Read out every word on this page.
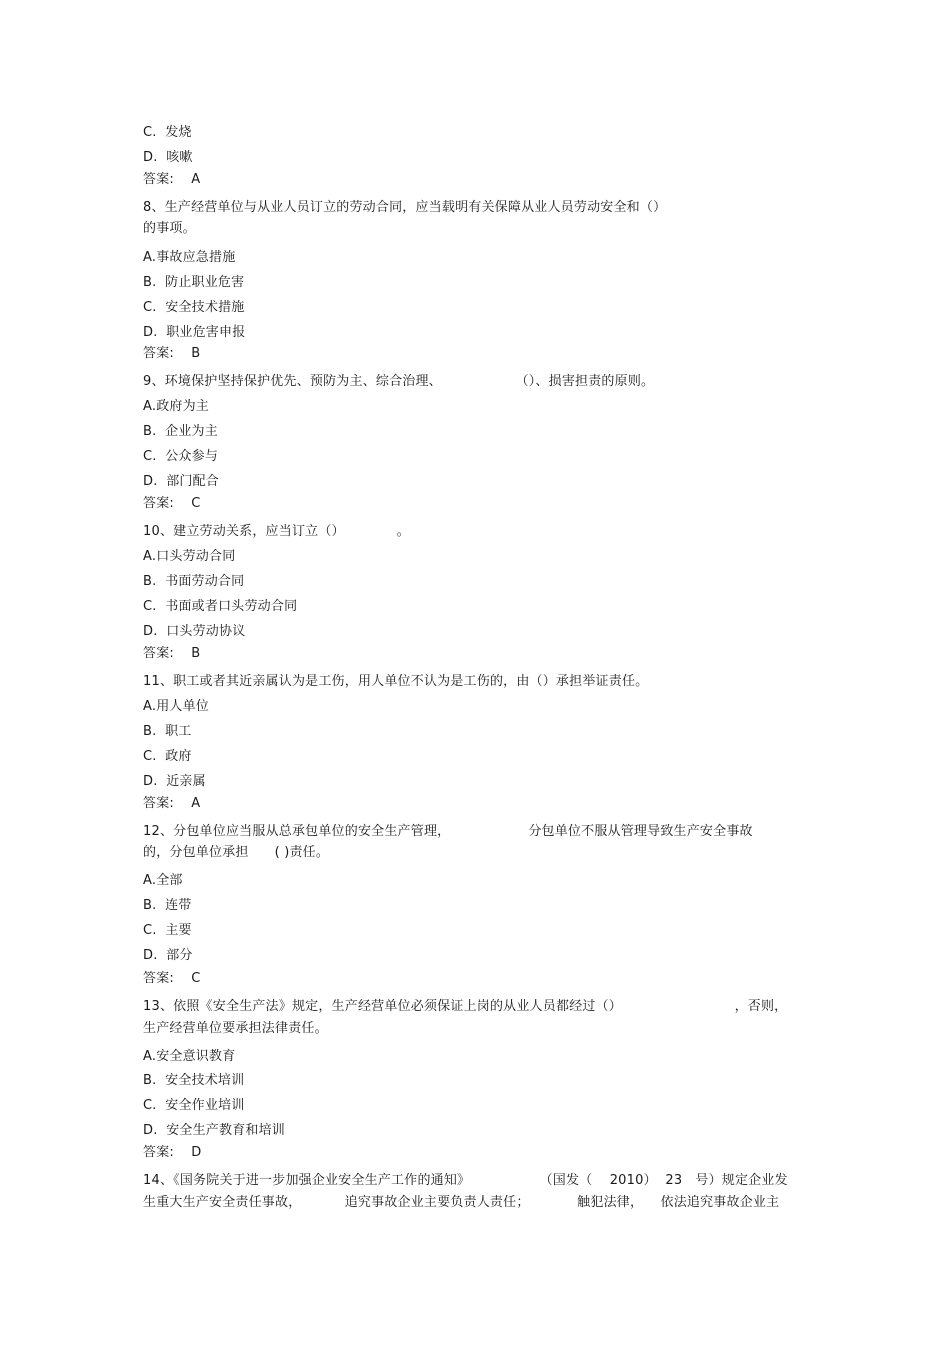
C.  发烧
D.  咳嗽
答案:    A
8、生产经营单位与从业人员订立的劳动合同，应当载明有关保障从业人员劳动安全和（）
的事项。
A.事故应急措施
B.  防止职业危害
C.  安全技术措施
D.  职业危害申报
答案:    B
9、环境保护坚持保护优先、预防为主、综合治理、                 （）、损害担责的原则。
A.政府为主
B.  企业为主
C.  公众参与
D.  部门配合
答案:    C
10、建立劳动关系，应当订立（）            。
A.口头劳动合同
B.  书面劳动合同
C.  书面或者口头劳动合同
D.  口头劳动协议
答案:    B
11、职工或者其近亲属认为是工伤，用人单位不认为是工伤的，由（）承担举证责任。
A.用人单位
B.  职工
C.  政府
D.  近亲属
答案:    A
12、分包单位应当服从总承包单位的安全生产管理，                  分包单位不服从管理导致生产安全事故
的，分包单位承担      ( )责任。
A.全部
B.  连带
C.  主要
D.  部分
答案:    C
13、依照《安全生产法》规定，生产经营单位必须保证上岗的从业人员都经过（）                          ，否则，
生产经营单位要承担法律责任。
A.安全意识教育
B.  安全技术培训
C.  安全作业培训
D.  安全生产教育和培训
答案:    D
14、《国务院关于进一步加强企业安全生产工作的通知》                （国发（    2010）  23   号）规定企业发
生重大生产安全责任事故，          追究事故企业主要负责人责任；           触犯法律，    依法追究事故企业主
